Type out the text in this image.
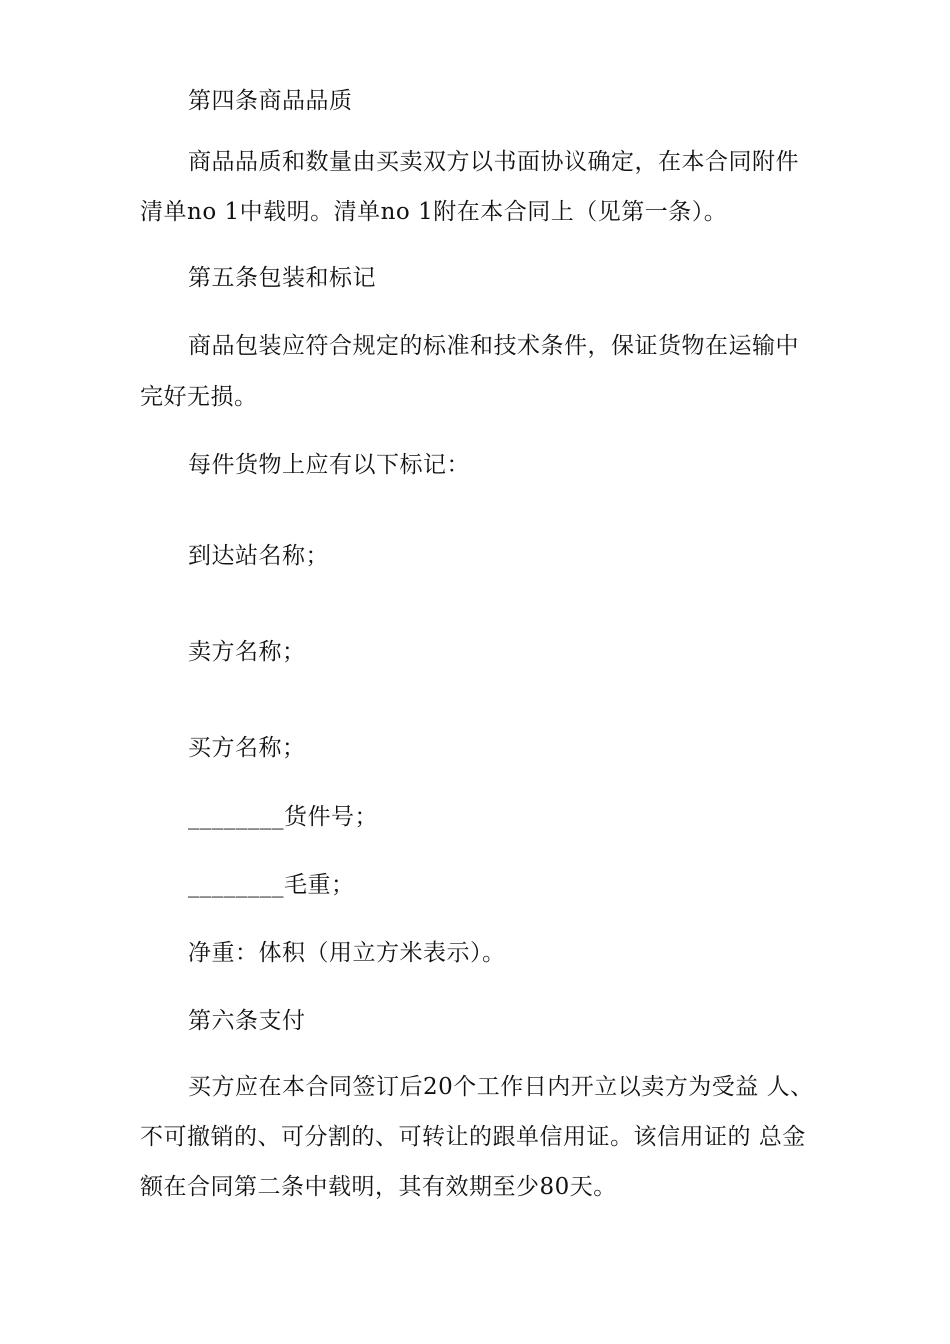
第四条商品品质
商品品质和数量由买卖双方以书面协议确定，在本合同附件
清单no 1中载明。清单no 1附在本合同上（见第一条）。
第五条包装和标记
商品包装应符合规定的标准和技术条件，保证货物在运输中
完好无损。
每件货物上应有以下标记：
到达站名称；
卖方名称；
买方名称；
________货件号；
________毛重；
净重：体积（用立方米表示）。
第六条支付
买方应在本合同签订后20个工作日内开立以卖方为受益 人、
不可撤销的、可分割的、可转让的跟单信用证。该信用证的 总金
额在合同第二条中载明，其有效期至少80天。
